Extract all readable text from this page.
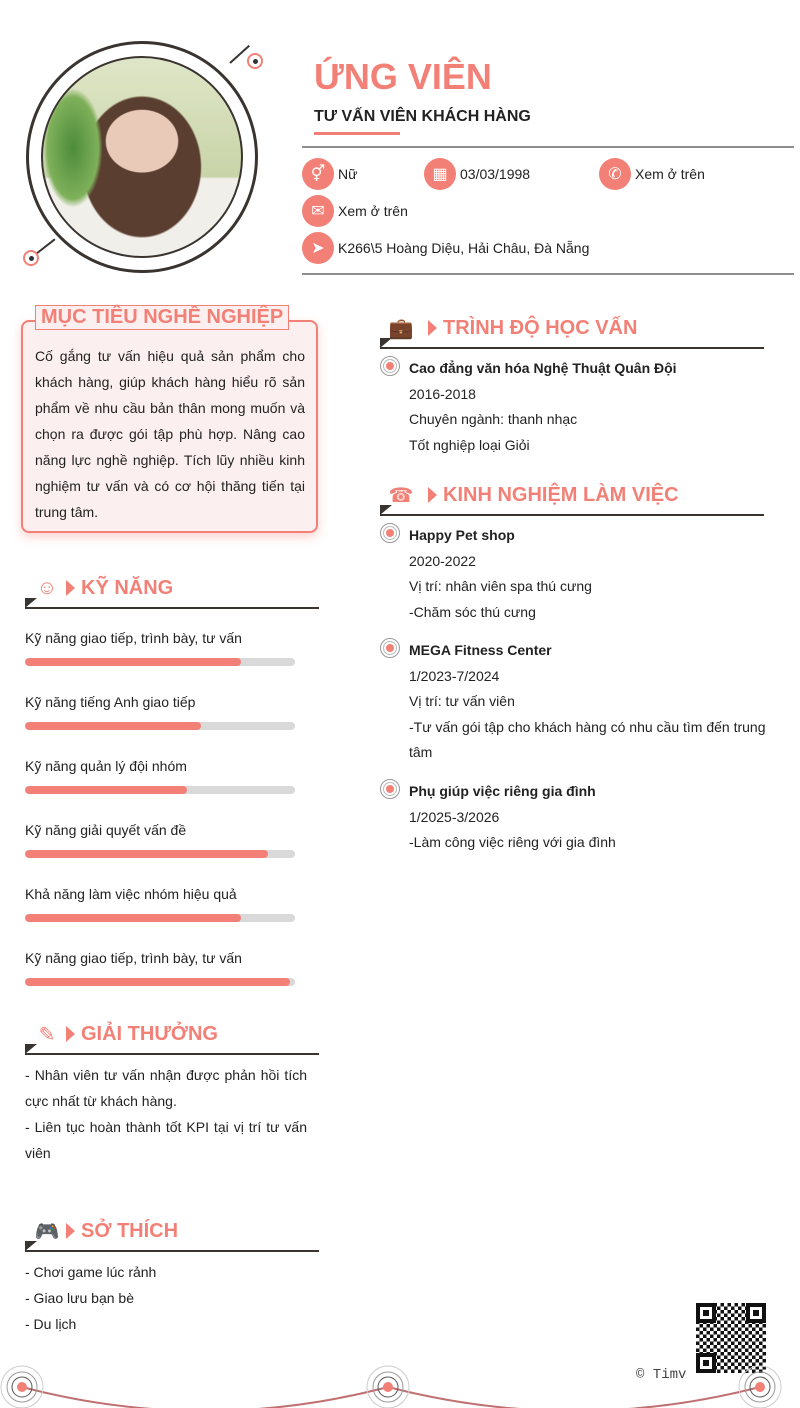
ỨNG VIÊN
TƯ VẤN VIÊN KHÁCH HÀNG
⚥ Nữ	▦ 03/03/1998	✆ Xem ở trên
✉ Xem ở trên
➤ K266\5 Hoàng Diệu, Hải Châu, Đà Nẵng
MỤC TIÊU NGHỀ NGHIỆP
Cố gắng tư vấn hiệu quả sản phẩm cho khách hàng, giúp khách hàng hiểu rõ sản phẩm về nhu cầu bản thân mong muốn và chọn ra được gói tập phù hợp. Nâng cao năng lực nghề nghiệp. Tích lũy nhiều kinh nghiệm tư vấn và có cơ hội thăng tiến tại trung tâm.
☺ KỸ NĂNG
Kỹ năng giao tiếp, trình bày, tư vấn
Kỹ năng tiếng Anh giao tiếp
Kỹ năng quản lý đội nhóm
Kỹ năng giải quyết vấn đề
Khả năng làm việc nhóm hiệu quả
Kỹ năng giao tiếp, trình bày, tư vấn
✎ GIẢI THƯỞNG
- Nhân viên tư vấn nhận được phản hồi tích cực nhất từ khách hàng.
- Liên tục hoàn thành tốt KPI tại vị trí tư vấn viên
🎮 SỞ THÍCH
- Chơi game lúc rảnh
- Giao lưu bạn bè
- Du lịch
💼 TRÌNH ĐỘ HỌC VẤN
Cao đẳng văn hóa Nghệ Thuật Quân Đội
2016-2018
Chuyên ngành: thanh nhạc
Tốt nghiệp loại Giỏi
☎ KINH NGHIỆM LÀM VIỆC
Happy Pet shop
2020-2022
Vị trí: nhân viên spa thú cưng
-Chăm sóc thú cưng
MEGA Fitness Center
1/2023-7/2024
Vị trí: tư vấn viên
-Tư vấn gói tập cho khách hàng có nhu cầu tìm đến trung tâm
Phụ giúp việc riêng gia đình
1/2025-3/2026
-Làm công việc riêng với gia đình
© Timv
